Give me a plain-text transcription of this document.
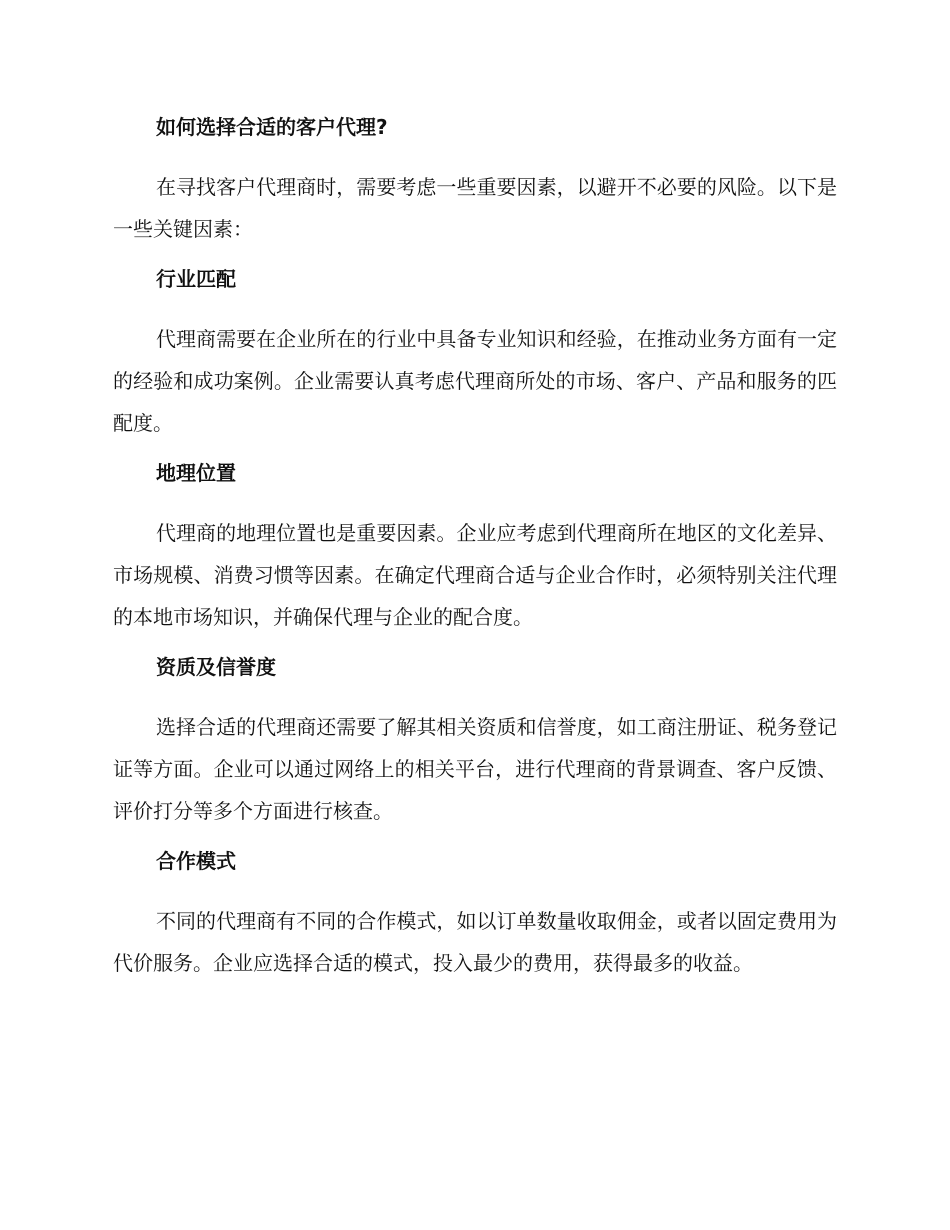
如何选择合适的客户代理?

在寻找客户代理商时，需要考虑一些重要因素，以避开不必要的风险。以下是一些关键因素：

行业匹配

代理商需要在企业所在的行业中具备专业知识和经验，在推动业务方面有一定的经验和成功案例。企业需要认真考虑代理商所处的市场、客户、产品和服务的匹配度。

地理位置

代理商的地理位置也是重要因素。企业应考虑到代理商所在地区的文化差异、市场规模、消费习惯等因素。在确定代理商合适与企业合作时，必须特别关注代理的本地市场知识，并确保代理与企业的配合度。

资质及信誉度

选择合适的代理商还需要了解其相关资质和信誉度，如工商注册证、税务登记证等方面。企业可以通过网络上的相关平台，进行代理商的背景调查、客户反馈、评价打分等多个方面进行核查。

合作模式

不同的代理商有不同的合作模式，如以订单数量收取佣金，或者以固定费用为代价服务。企业应选择合适的模式，投入最少的费用，获得最多的收益。
